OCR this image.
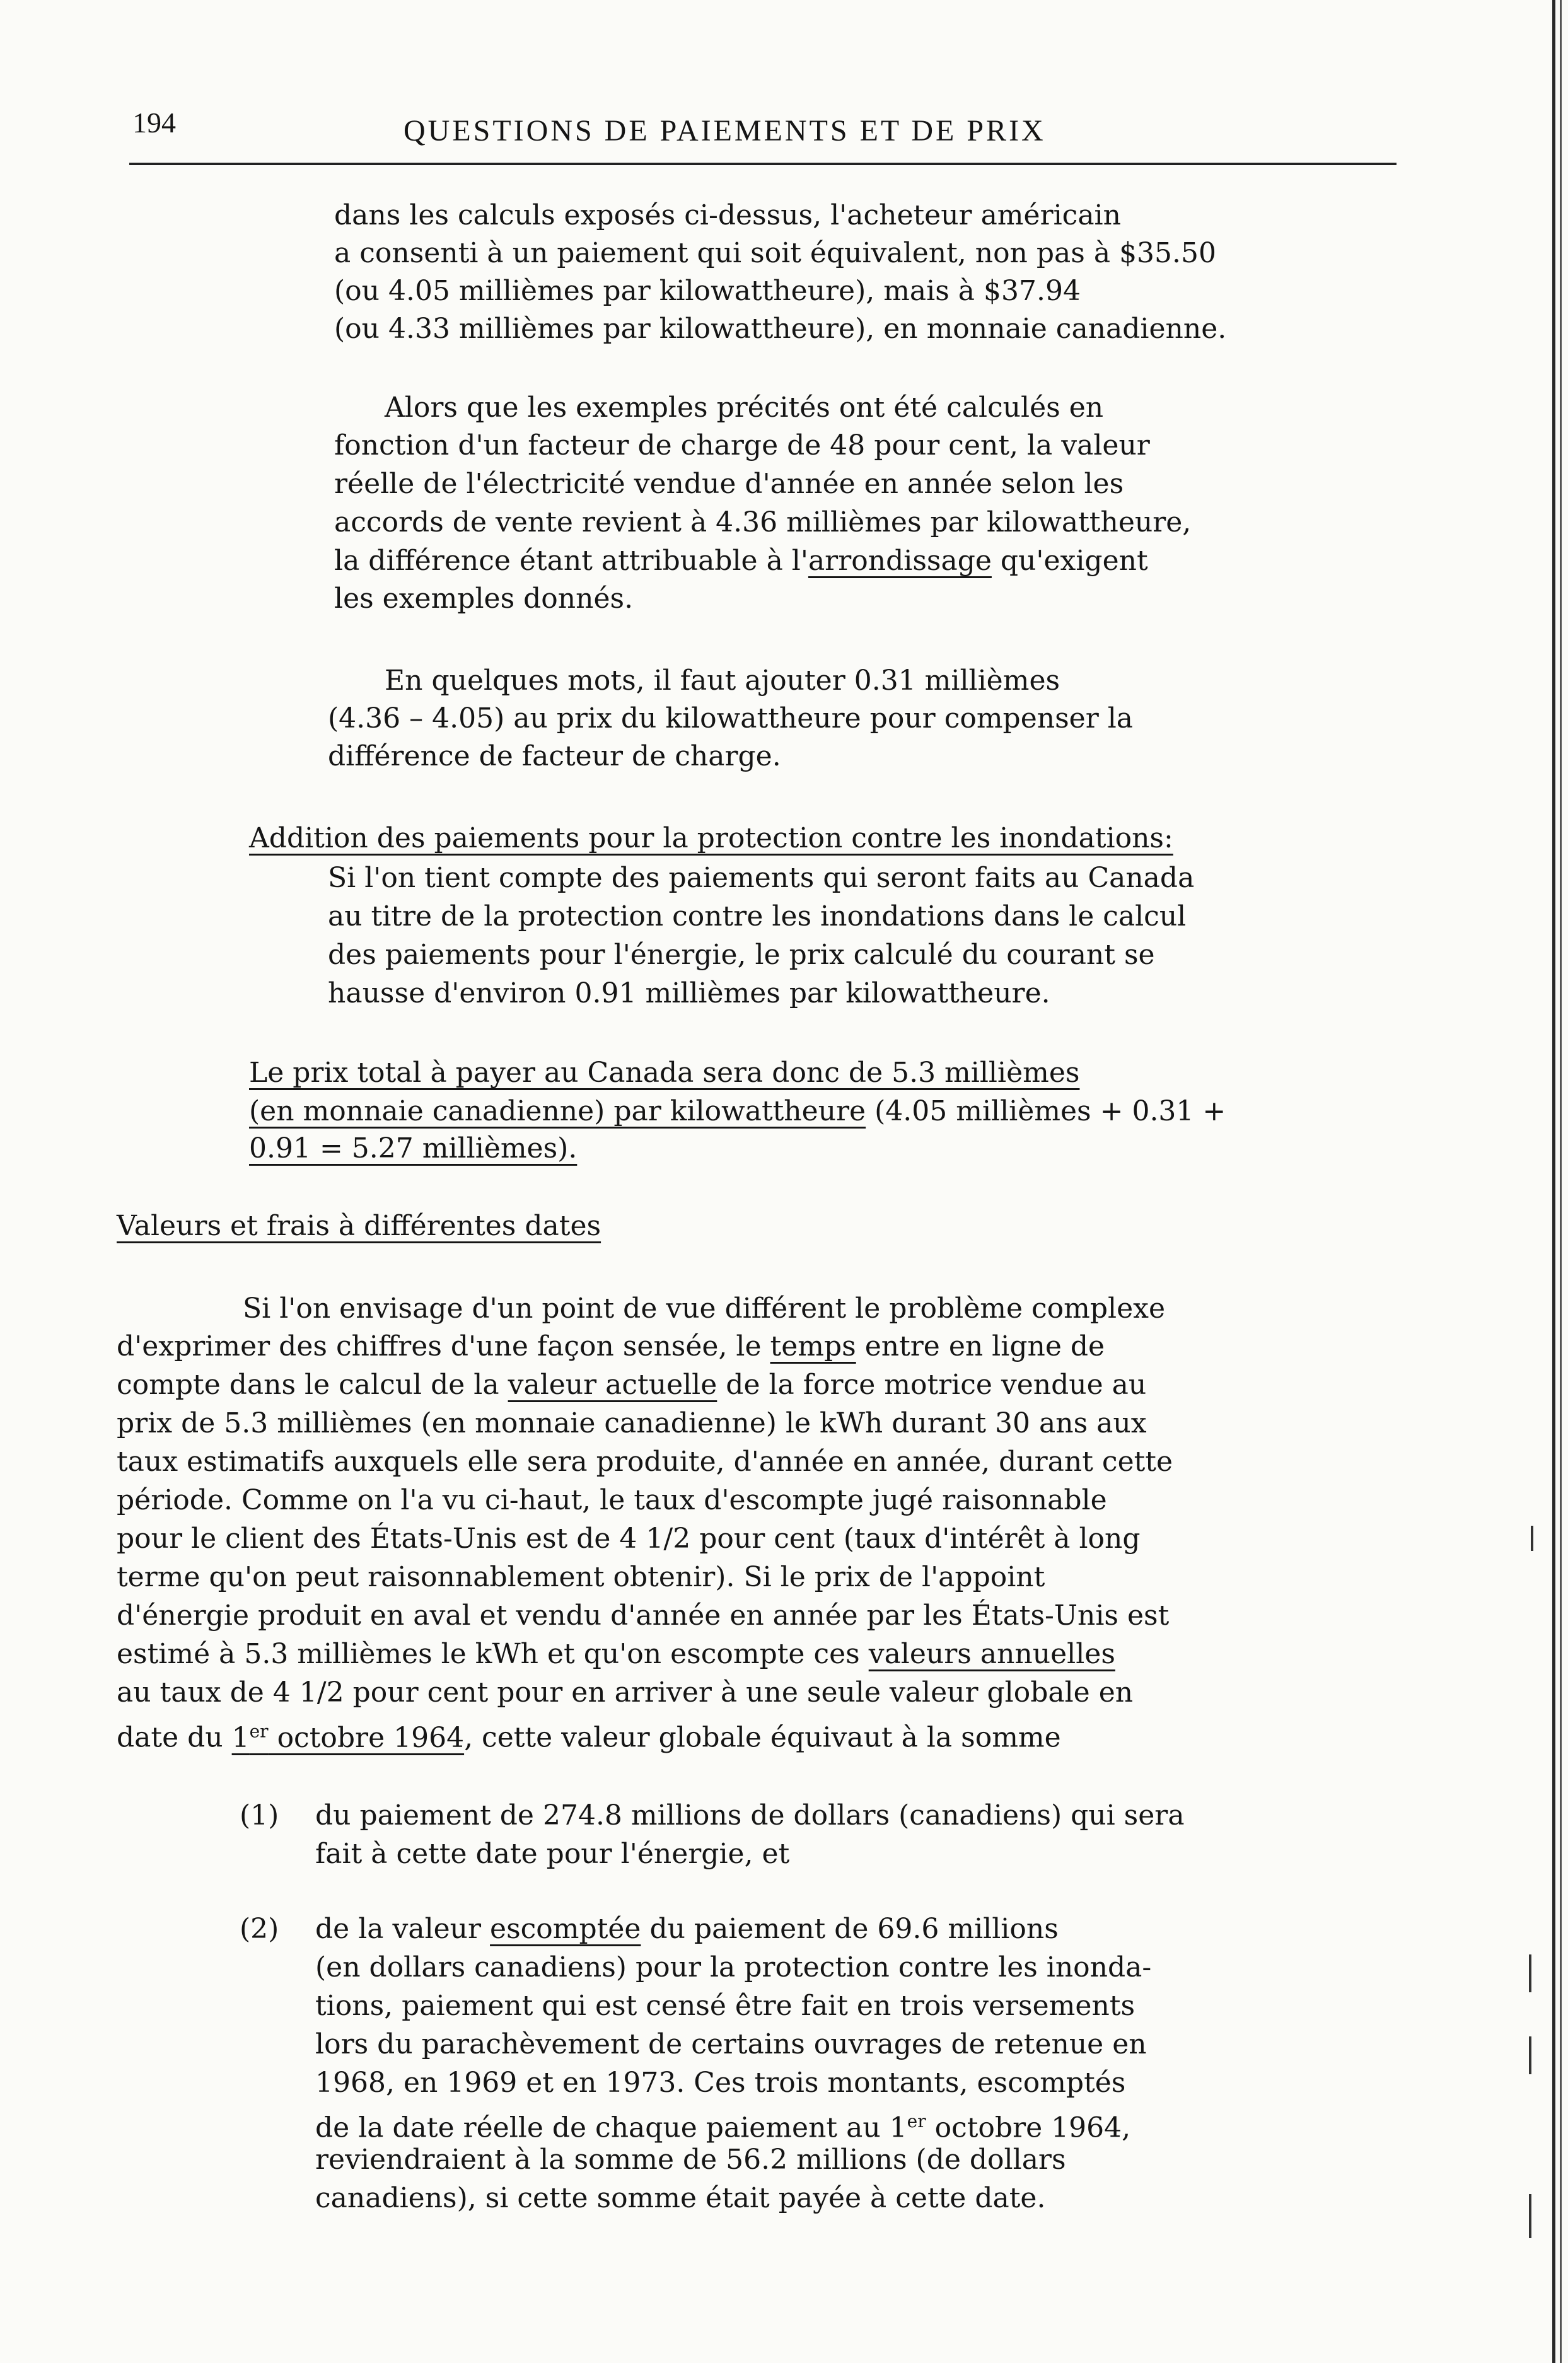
194	QUESTIONS DE PAIEMENTS ET DE PRIX
dans les calculs exposés ci-dessus, l'acheteur américain
a consenti à un paiement qui soit équivalent, non pas à $35.50
(ou 4.05 millièmes par kilowattheure), mais à $37.94
(ou 4.33 millièmes par kilowattheure), en monnaie canadienne.
Alors que les exemples précités ont été calculés en
fonction d'un facteur de charge de 48 pour cent, la valeur
réelle de l'électricité vendue d'année en année selon les
accords de vente revient à 4.36 millièmes par kilowattheure,
la différence étant attribuable à l'arrondissage qu'exigent
les exemples donnés.
En quelques mots, il faut ajouter 0.31 millièmes
(4.36 – 4.05) au prix du kilowattheure pour compenser la
différence de facteur de charge.
Addition des paiements pour la protection contre les inondations:
Si l'on tient compte des paiements qui seront faits au Canada
au titre de la protection contre les inondations dans le calcul
des paiements pour l'énergie, le prix calculé du courant se
hausse d'environ 0.91 millièmes par kilowattheure.
Le prix total à payer au Canada sera donc de 5.3 millièmes
(en monnaie canadienne) par kilowattheure (4.05 millièmes + 0.31 +
0.91 = 5.27 millièmes).
Valeurs et frais à différentes dates
Si l'on envisage d'un point de vue différent le problème complexe
d'exprimer des chiffres d'une façon sensée, le temps entre en ligne de
compte dans le calcul de la valeur actuelle de la force motrice vendue au
prix de 5.3 millièmes (en monnaie canadienne) le kWh durant 30 ans aux
taux estimatifs auxquels elle sera produite, d'année en année, durant cette
période. Comme on l'a vu ci-haut, le taux d'escompte jugé raisonnable
pour le client des États-Unis est de 4 1/2 pour cent (taux d'intérêt à long
terme qu'on peut raisonnablement obtenir). Si le prix de l'appoint
d'énergie produit en aval et vendu d'année en année par les États-Unis est
estimé à 5.3 millièmes le kWh et qu'on escompte ces valeurs annuelles
au taux de 4 1/2 pour cent pour en arriver à une seule valeur globale en
date du 1er octobre 1964, cette valeur globale équivaut à la somme
(1) du paiement de 274.8 millions de dollars (canadiens) qui sera
fait à cette date pour l'énergie, et
(2) de la valeur escomptée du paiement de 69.6 millions
(en dollars canadiens) pour la protection contre les inonda-
tions, paiement qui est censé être fait en trois versements
lors du parachèvement de certains ouvrages de retenue en
1968, en 1969 et en 1973. Ces trois montants, escomptés
de la date réelle de chaque paiement au 1er octobre 1964,
reviendraient à la somme de 56.2 millions (de dollars
canadiens), si cette somme était payée à cette date.
